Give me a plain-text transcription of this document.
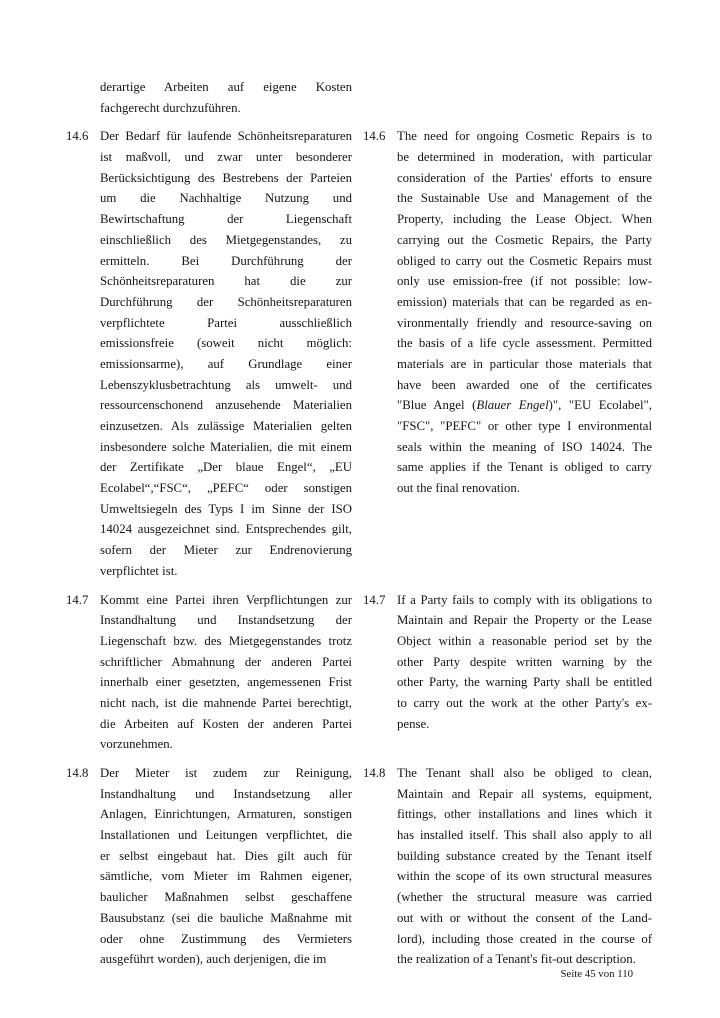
derartige Arbeiten auf eigene Kosten
fachgerecht durchzuführen.
14.6 Der Bedarf für laufende Schönheitsreparaturen
ist maßvoll, und zwar unter besonderer
Berücksichtigung des Bestrebens der Parteien
um die Nachhaltige Nutzung und
Bewirtschaftung der Liegenschaft
einschließlich des Mietgegenstandes, zu
ermitteln. Bei Durchführung der
Schönheitsreparaturen hat die zur
Durchführung der Schönheitsreparaturen
verpflichtete Partei ausschließlich
emissionsfreie (soweit nicht möglich:
emissionsarme), auf Grundlage einer
Lebenszyklusbetrachtung als umwelt- und
ressourcenschonend anzusehende Materialien
einzusetzen. Als zulässige Materialien gelten
insbesondere solche Materialien, die mit einem
der Zertifikate „Der blaue Engel“, „EU
Ecolabel“,“FSC“, „PEFC“ oder sonstigen
Umweltsiegeln des Typs I im Sinne der ISO
14024 ausgezeichnet sind. Entsprechendes gilt,
sofern der Mieter zur Endrenovierung
verpflichtet ist.
14.6 The need for ongoing Cosmetic Repairs is to
be determined in moderation, with particular
consideration of the Parties' efforts to ensure
the Sustainable Use and Management of the
Property, including the Lease Object. When
carrying out the Cosmetic Repairs, the Party
obliged to carry out the Cosmetic Repairs must
only use emission-free (if not possible: low-
emission) materials that can be regarded as en-
vironmentally friendly and resource-saving on
the basis of a life cycle assessment. Permitted
materials are in particular those materials that
have been awarded one of the certificates
"Blue Angel (Blauer Engel)", "EU Ecolabel",
"FSC", "PEFC" or other type I environmental
seals within the meaning of ISO 14024. The
same applies if the Tenant is obliged to carry
out the final renovation.
14.7 Kommt eine Partei ihren Verpflichtungen zur
Instandhaltung und Instandsetzung der
Liegenschaft bzw. des Mietgegenstandes trotz
schriftlicher Abmahnung der anderen Partei
innerhalb einer gesetzten, angemessenen Frist
nicht nach, ist die mahnende Partei berechtigt,
die Arbeiten auf Kosten der anderen Partei
vorzunehmen.
14.7 If a Party fails to comply with its obligations to
Maintain and Repair the Property or the Lease
Object within a reasonable period set by the
other Party despite written warning by the
other Party, the warning Party shall be entitled
to carry out the work at the other Party's ex-
pense.
14.8 Der Mieter ist zudem zur Reinigung,
Instandhaltung und Instandsetzung aller
Anlagen, Einrichtungen, Armaturen, sonstigen
Installationen und Leitungen verpflichtet, die
er selbst eingebaut hat. Dies gilt auch für
sämtliche, vom Mieter im Rahmen eigener,
baulicher Maßnahmen selbst geschaffene
Bausubstanz (sei die bauliche Maßnahme mit
oder ohne Zustimmung des Vermieters
ausgeführt worden), auch derjenigen, die im
14.8 The Tenant shall also be obliged to clean,
Maintain and Repair all systems, equipment,
fittings, other installations and lines which it
has installed itself. This shall also apply to all
building substance created by the Tenant itself
within the scope of its own structural measures
(whether the structural measure was carried
out with or without the consent of the Land-
lord), including those created in the course of
the realization of a Tenant's fit-out description.
Seite 45 von 110
